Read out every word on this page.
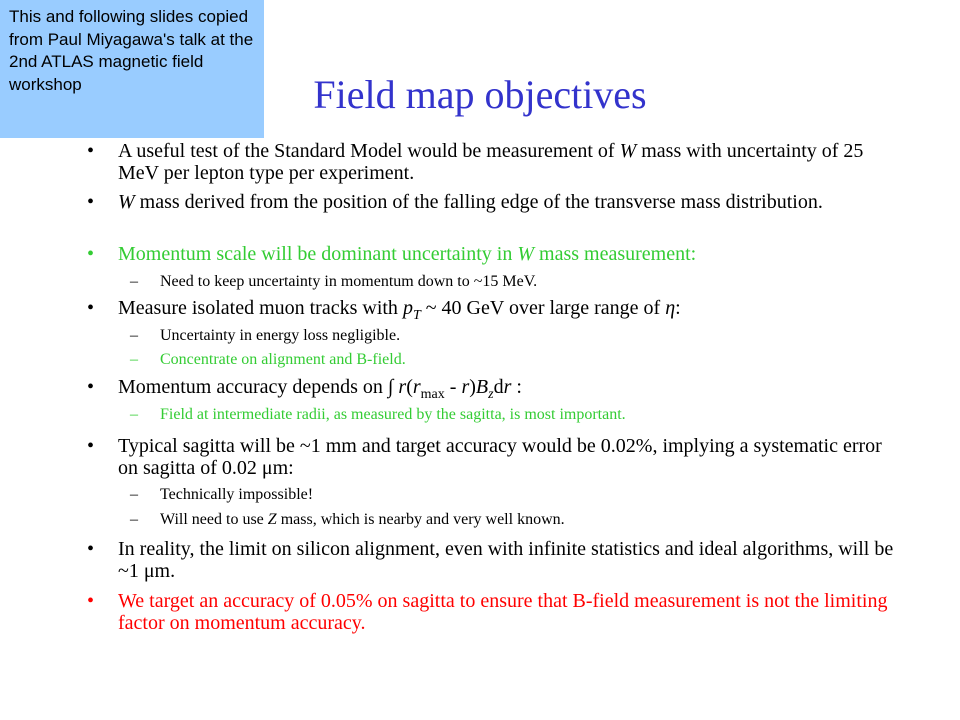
This and following slides copied from Paul Miyagawa's talk at the 2nd ATLAS magnetic field workshop	Field map objectives
• A useful test of the Standard Model would be measurement of W mass with uncertainty of 25 MeV per lepton type per experiment.
• W mass derived from the position of the falling edge of the transverse mass distribution.
• Momentum scale will be dominant uncertainty in W mass measurement:
– Need to keep uncertainty in momentum down to ~15 MeV.
• Measure isolated muon tracks with $p_T$ ~ 40 GeV over large range of η:
– Uncertainty in energy loss negligible.
– Concentrate on alignment and B-field.
• Momentum accuracy depends on ∫ $r(r_{max} - r)B_zdr$ :
– Field at intermediate radii, as measured by the sagitta, is most important.
• Typical sagitta will be ~1 mm and target accuracy would be 0.02%, implying a systematic error on sagitta of 0.02 μm:
– Technically impossible!
– Will need to use Z mass, which is nearby and very well known.
• In reality, the limit on silicon alignment, even with infinite statistics and ideal algorithms, will be ~1 μm.
• We target an accuracy of 0.05% on sagitta to ensure that B-field measurement is not the limiting factor on momentum accuracy.
